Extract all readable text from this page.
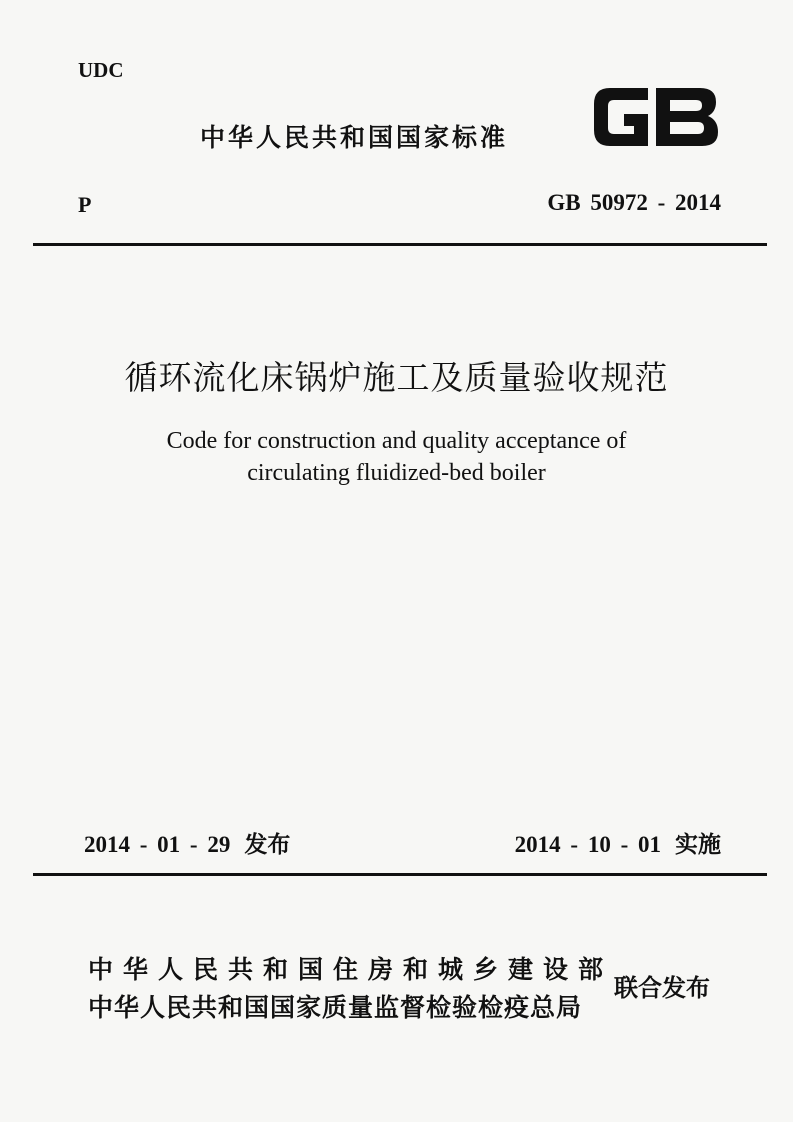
UDC
中华人民共和国国家标准
P	GB 50972 - 2014
循环流化床锅炉施工及质量验收规范
Code for construction and quality acceptance of
circulating fluidized-bed boiler
2014 - 01 - 29 发布	2014 - 10 - 01 实施
中华人民共和国住房和城乡建设部
中华人民共和国国家质量监督检验检疫总局
联合发布
